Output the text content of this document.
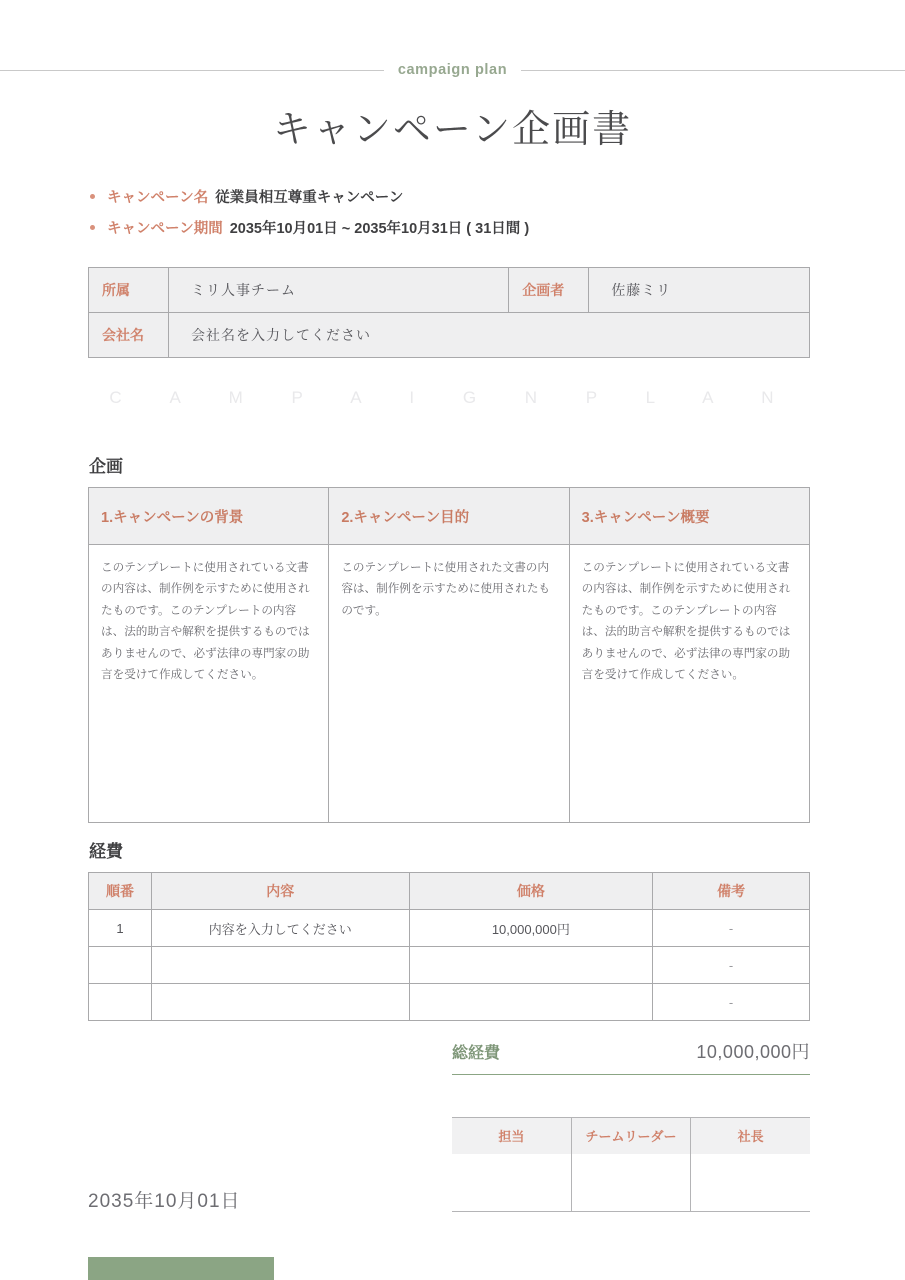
campaign plan
キャンペーン企画書
キャンペーン名 従業員相互尊重キャンペーン
キャンペーン期間 2035年10月01日 ~ 2035年10月31日 ( 31日間 )
所属	ミリ人事チーム	企画者	佐藤ミリ
会社名	会社名を入力してください		
C A M P A I G N P L A N
企画
1.キャンペーンの背景	2.キャンペーン目的	3.キャンペーン概要
このテンプレートに使用されている文書の内容は、制作例を示すために使用されたものです。このテンプレートの内容は、法的助言や解釈を提供するものではありませんので、必ず法律の専門家の助言を受けて作成してください。	このテンプレートに使用された文書の内容は、制作例を示すために使用されたものです。	このテンプレートに使用されている文書の内容は、制作例を示すために使用されたものです。このテンプレートの内容は、法的助言や解釈を提供するものではありませんので、必ず法律の専門家の助言を受けて作成してください。
経費
順番	内容	価格	備考
1	内容を入力してください	10,000,000円	-
			-
			-
総経費	10,000,000円
担当	チームリーダー	社長

2035年10月01日
